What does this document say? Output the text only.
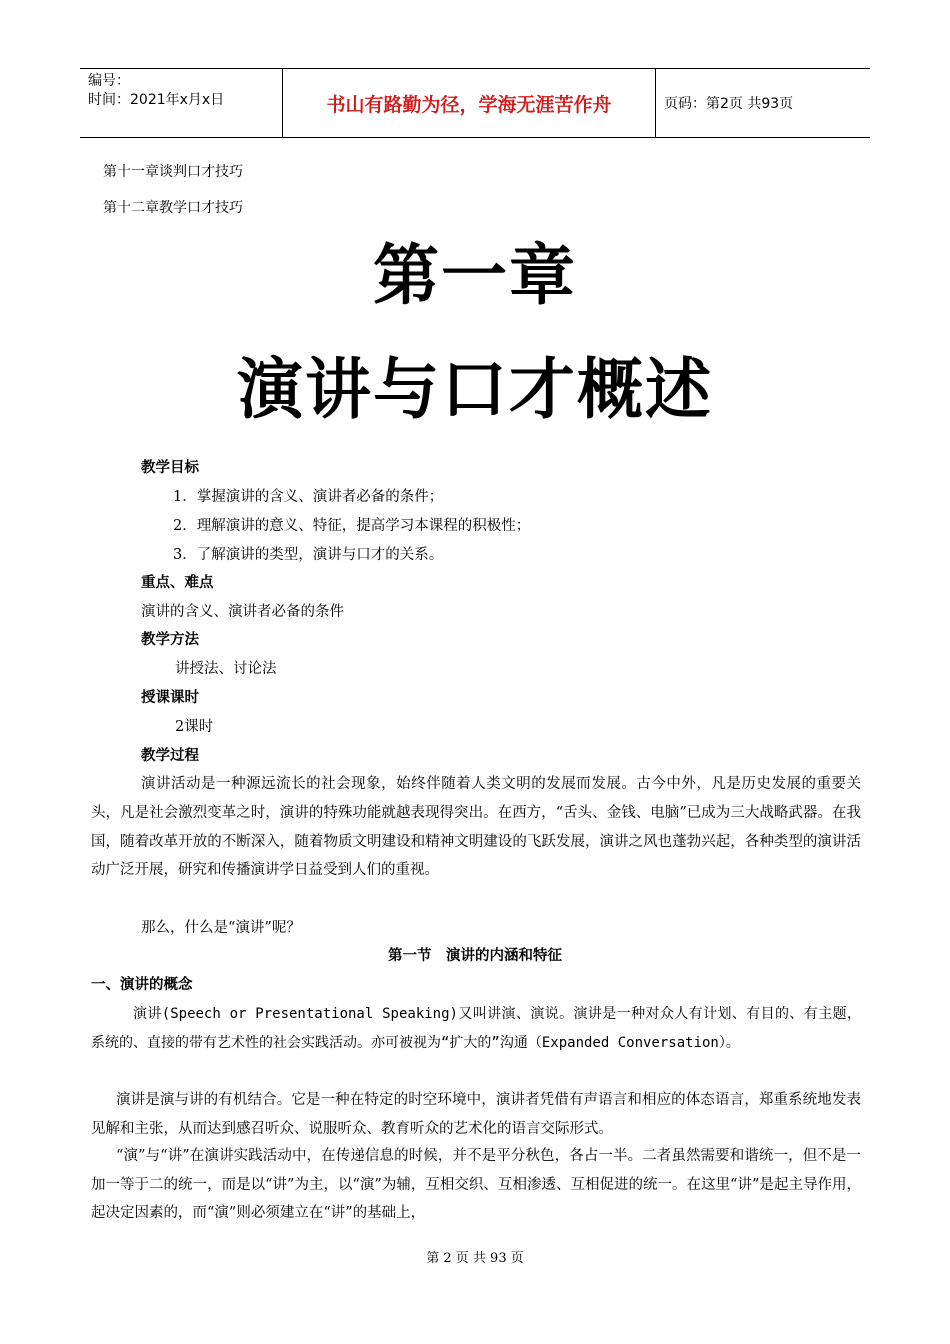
编号：
时间：2021年x月x日	书山有路勤为径，学海无涯苦作舟	页码：第2页 共93页
第十一章谈判口才技巧
第十二章教学口才技巧
第一章
演讲与口才概述
教学目标
1．掌握演讲的含义、演讲者必备的条件；
2．理解演讲的意义、特征，提高学习本课程的积极性；
3．了解演讲的类型，演讲与口才的关系。
重点、难点
演讲的含义、演讲者必备的条件
教学方法
讲授法、讨论法
授课课时
2课时
教学过程
演讲活动是一种源远流长的社会现象，始终伴随着人类文明的发展而发展。古今中外，凡是历史发展的重要关头，凡是社会激烈变革之时，演讲的特殊功能就越表现得突出。在西方，“舌头、金钱、电脑”已成为三大战略武器。在我国，随着改革开放的不断深入，随着物质文明建设和精神文明建设的飞跃发展，演讲之风也蓬勃兴起，各种类型的演讲活动广泛开展，研究和传播演讲学日益受到人们的重视。
那么，什么是“演讲”呢？
第一节　演讲的内涵和特征
一、演讲的概念
演讲(Speech or Presentational Speaking)又叫讲演、演说。演讲是一种对众人有计划、有目的、有主题，系统的、直接的带有艺术性的社会实践活动。亦可被视为“扩大的”沟通（Expanded Conversation）。
演讲是演与讲的有机结合。它是一种在特定的时空环境中，演讲者凭借有声语言和相应的体态语言，郑重系统地发表见解和主张，从而达到感召听众、说服听众、教育听众的艺术化的语言交际形式。
“演”与“讲”在演讲实践活动中，在传递信息的时候，并不是平分秋色，各占一半。二者虽然需要和谐统一，但不是一加一等于二的统一，而是以“讲”为主，以“演”为辅，互相交织、互相渗透、互相促进的统一。在这里“讲”是起主导作用，起决定因素的，而“演”则必须建立在“讲”的基础上，
第 2 页 共 93 页
